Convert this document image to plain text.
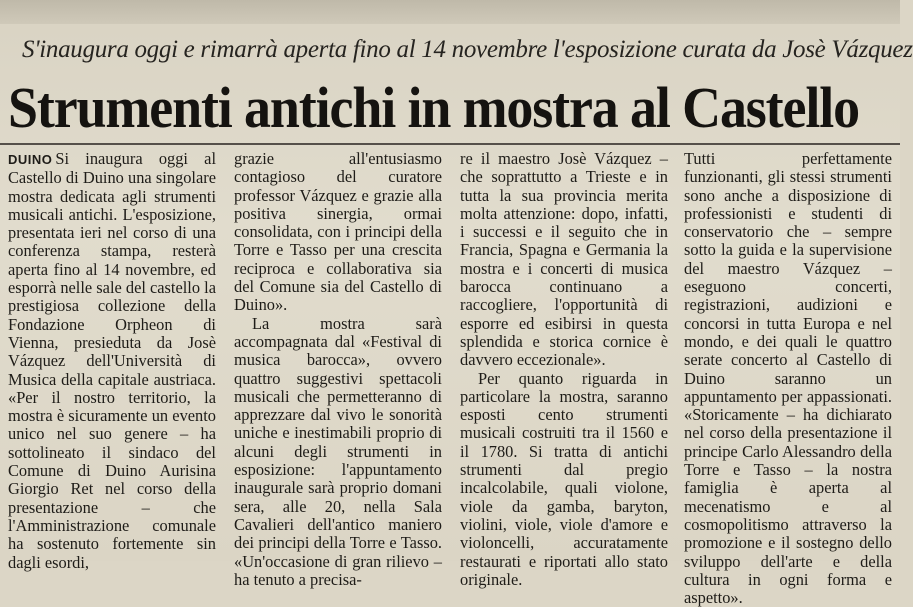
S'inaugura oggi e rimarrà aperta fino al 14 novembre l'esposizione curata da Josè Vázquez
Strumenti antichi in mostra al Castello

DUINO Si inaugura oggi al Castello di Duino una singolare mostra dedicata agli strumenti musicali antichi. L'esposizione, presentata ieri nel corso di una conferenza stampa, resterà aperta fino al 14 novembre, ed esporrà nelle sale del castello la prestigiosa collezione della Fondazione Orpheon di Vienna, presieduta da Josè Vázquez dell'Università di Musica della capitale austriaca. «Per il nostro territorio, la mostra è sicuramente un evento unico nel suo genere – ha sottolineato il sindaco del Comune di Duino Aurisina Giorgio Ret nel corso della presentazione – che l'Amministrazione comunale ha sostenuto fortemente sin dagli esordi,

grazie all'entusiasmo contagioso del curatore professor Vázquez e grazie alla positiva sinergia, ormai consolidata, con i principi della Torre e Tasso per una crescita reciproca e collaborativa sia del Comune sia del Castello di Duino».

La mostra sarà accompagnata dal «Festival di musica barocca», ovvero quattro suggestivi spettacoli musicali che permetteranno di apprezzare dal vivo le sonorità uniche e inestimabili proprio di alcuni degli strumenti in esposizione: l'appuntamento inaugurale sarà proprio domani sera, alle 20, nella Sala Cavalieri dell'antico maniero dei principi della Torre e Tasso. «Un'occasione di gran rilievo – ha tenuto a precisa-

re il maestro Josè Vázquez – che soprattutto a Trieste e in tutta la sua provincia merita molta attenzione: dopo, infatti, i successi e il seguito che in Francia, Spagna e Germania la mostra e i concerti di musica barocca continuano a raccogliere, l'opportunità di esporre ed esibirsi in questa splendida e storica cornice è davvero eccezionale».

Per quanto riguarda in particolare la mostra, saranno esposti cento strumenti musicali costruiti tra il 1560 e il 1780. Si tratta di antichi strumenti dal pregio incalcolabile, quali violone, viole da gamba, baryton, violini, viole, viole d'amore e violoncelli, accuratamente restaurati e riportati allo stato originale.

Tutti perfettamente funzionanti, gli stessi strumenti sono anche a disposizione di professionisti e studenti di conservatorio che – sempre sotto la guida e la supervisione del maestro Vázquez – eseguono concerti, registrazioni, audizioni e concorsi in tutta Europa e nel mondo, e dei quali le quattro serate concerto al Castello di Duino saranno un appuntamento per appassionati. «Storicamente – ha dichiarato nel corso della presentazione il principe Carlo Alessandro della Torre e Tasso – la nostra famiglia è aperta al mecenatismo e al cosmopolitismo attraverso la promozione e il sostegno dello sviluppo dell'arte e della cultura in ogni forma e aspetto».
